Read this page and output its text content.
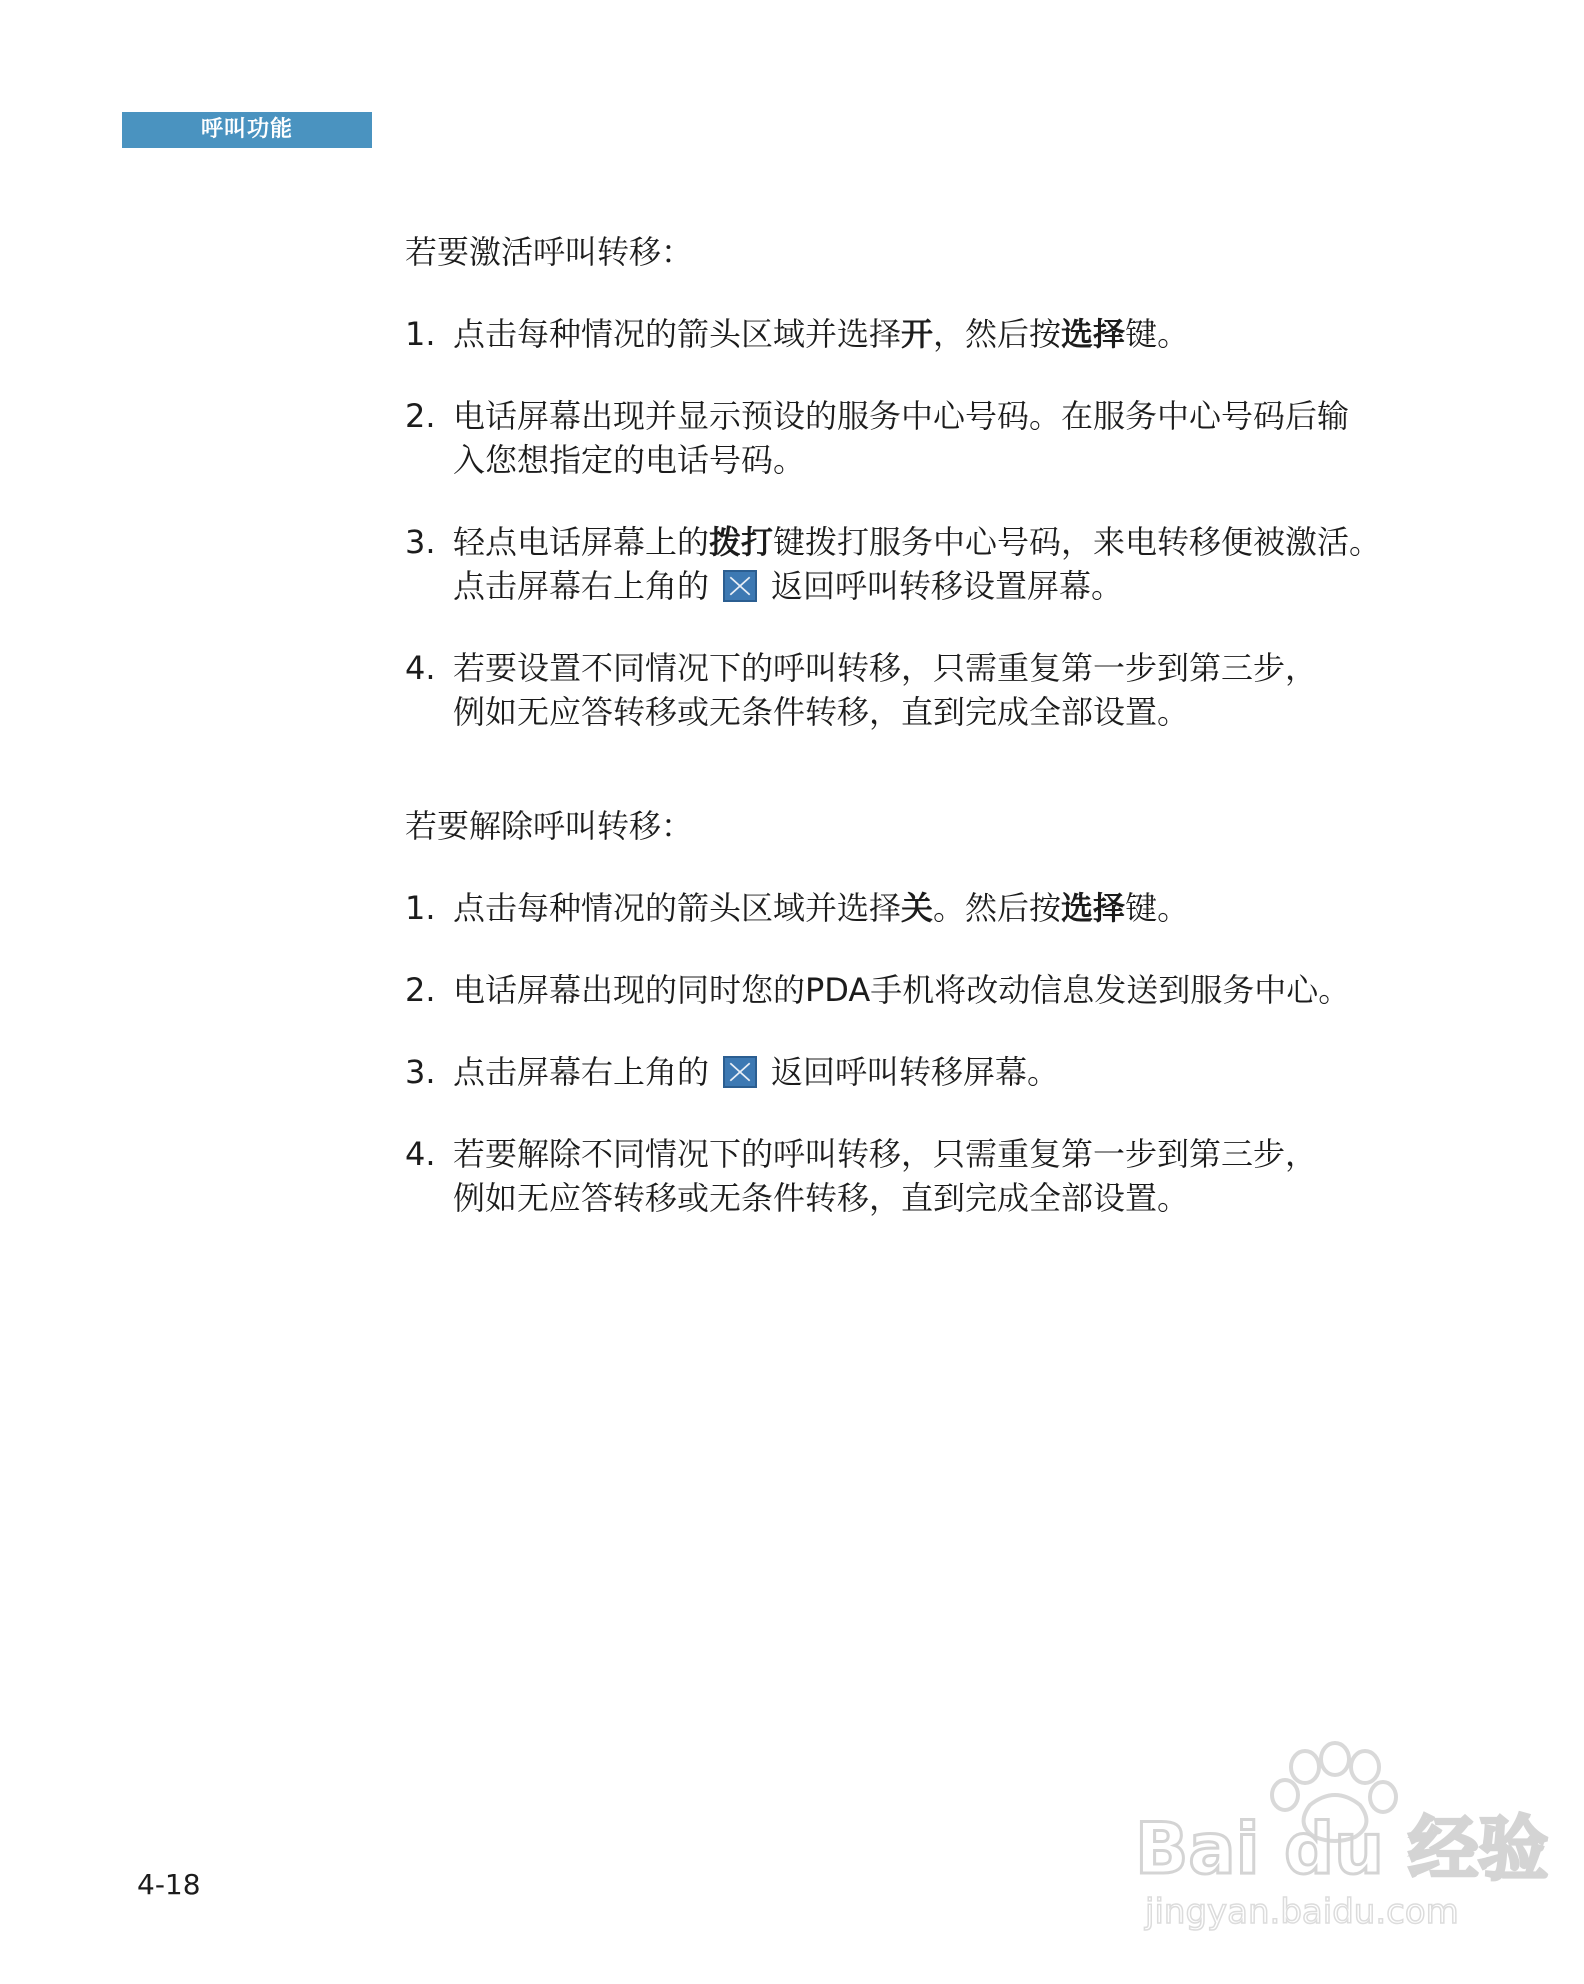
呼叫功能

若要激活呼叫转移：

1. 点击每种情况的箭头区域并选择开，然后按选择键。
2. 电话屏幕出现并显示预设的服务中心号码。在服务中心号码后输
入您想指定的电话号码。
3. 轻点电话屏幕上的拨打键拨打服务中心号码，来电转移便被激活。
点击屏幕右上角的 返回呼叫转移设置屏幕。
4. 若要设置不同情况下的呼叫转移，只需重复第一步到第三步，
例如无应答转移或无条件转移，直到完成全部设置。

若要解除呼叫转移：

1. 点击每种情况的箭头区域并选择关。然后按选择键。
2. 电话屏幕出现的同时您的PDA手机将改动信息发送到服务中心。
3. 点击屏幕右上角的 返回呼叫转移屏幕。
4. 若要解除不同情况下的呼叫转移，只需重复第一步到第三步，
例如无应答转移或无条件转移，直到完成全部设置。
4-18	Bai du 经验
jingyan.baidu.com
